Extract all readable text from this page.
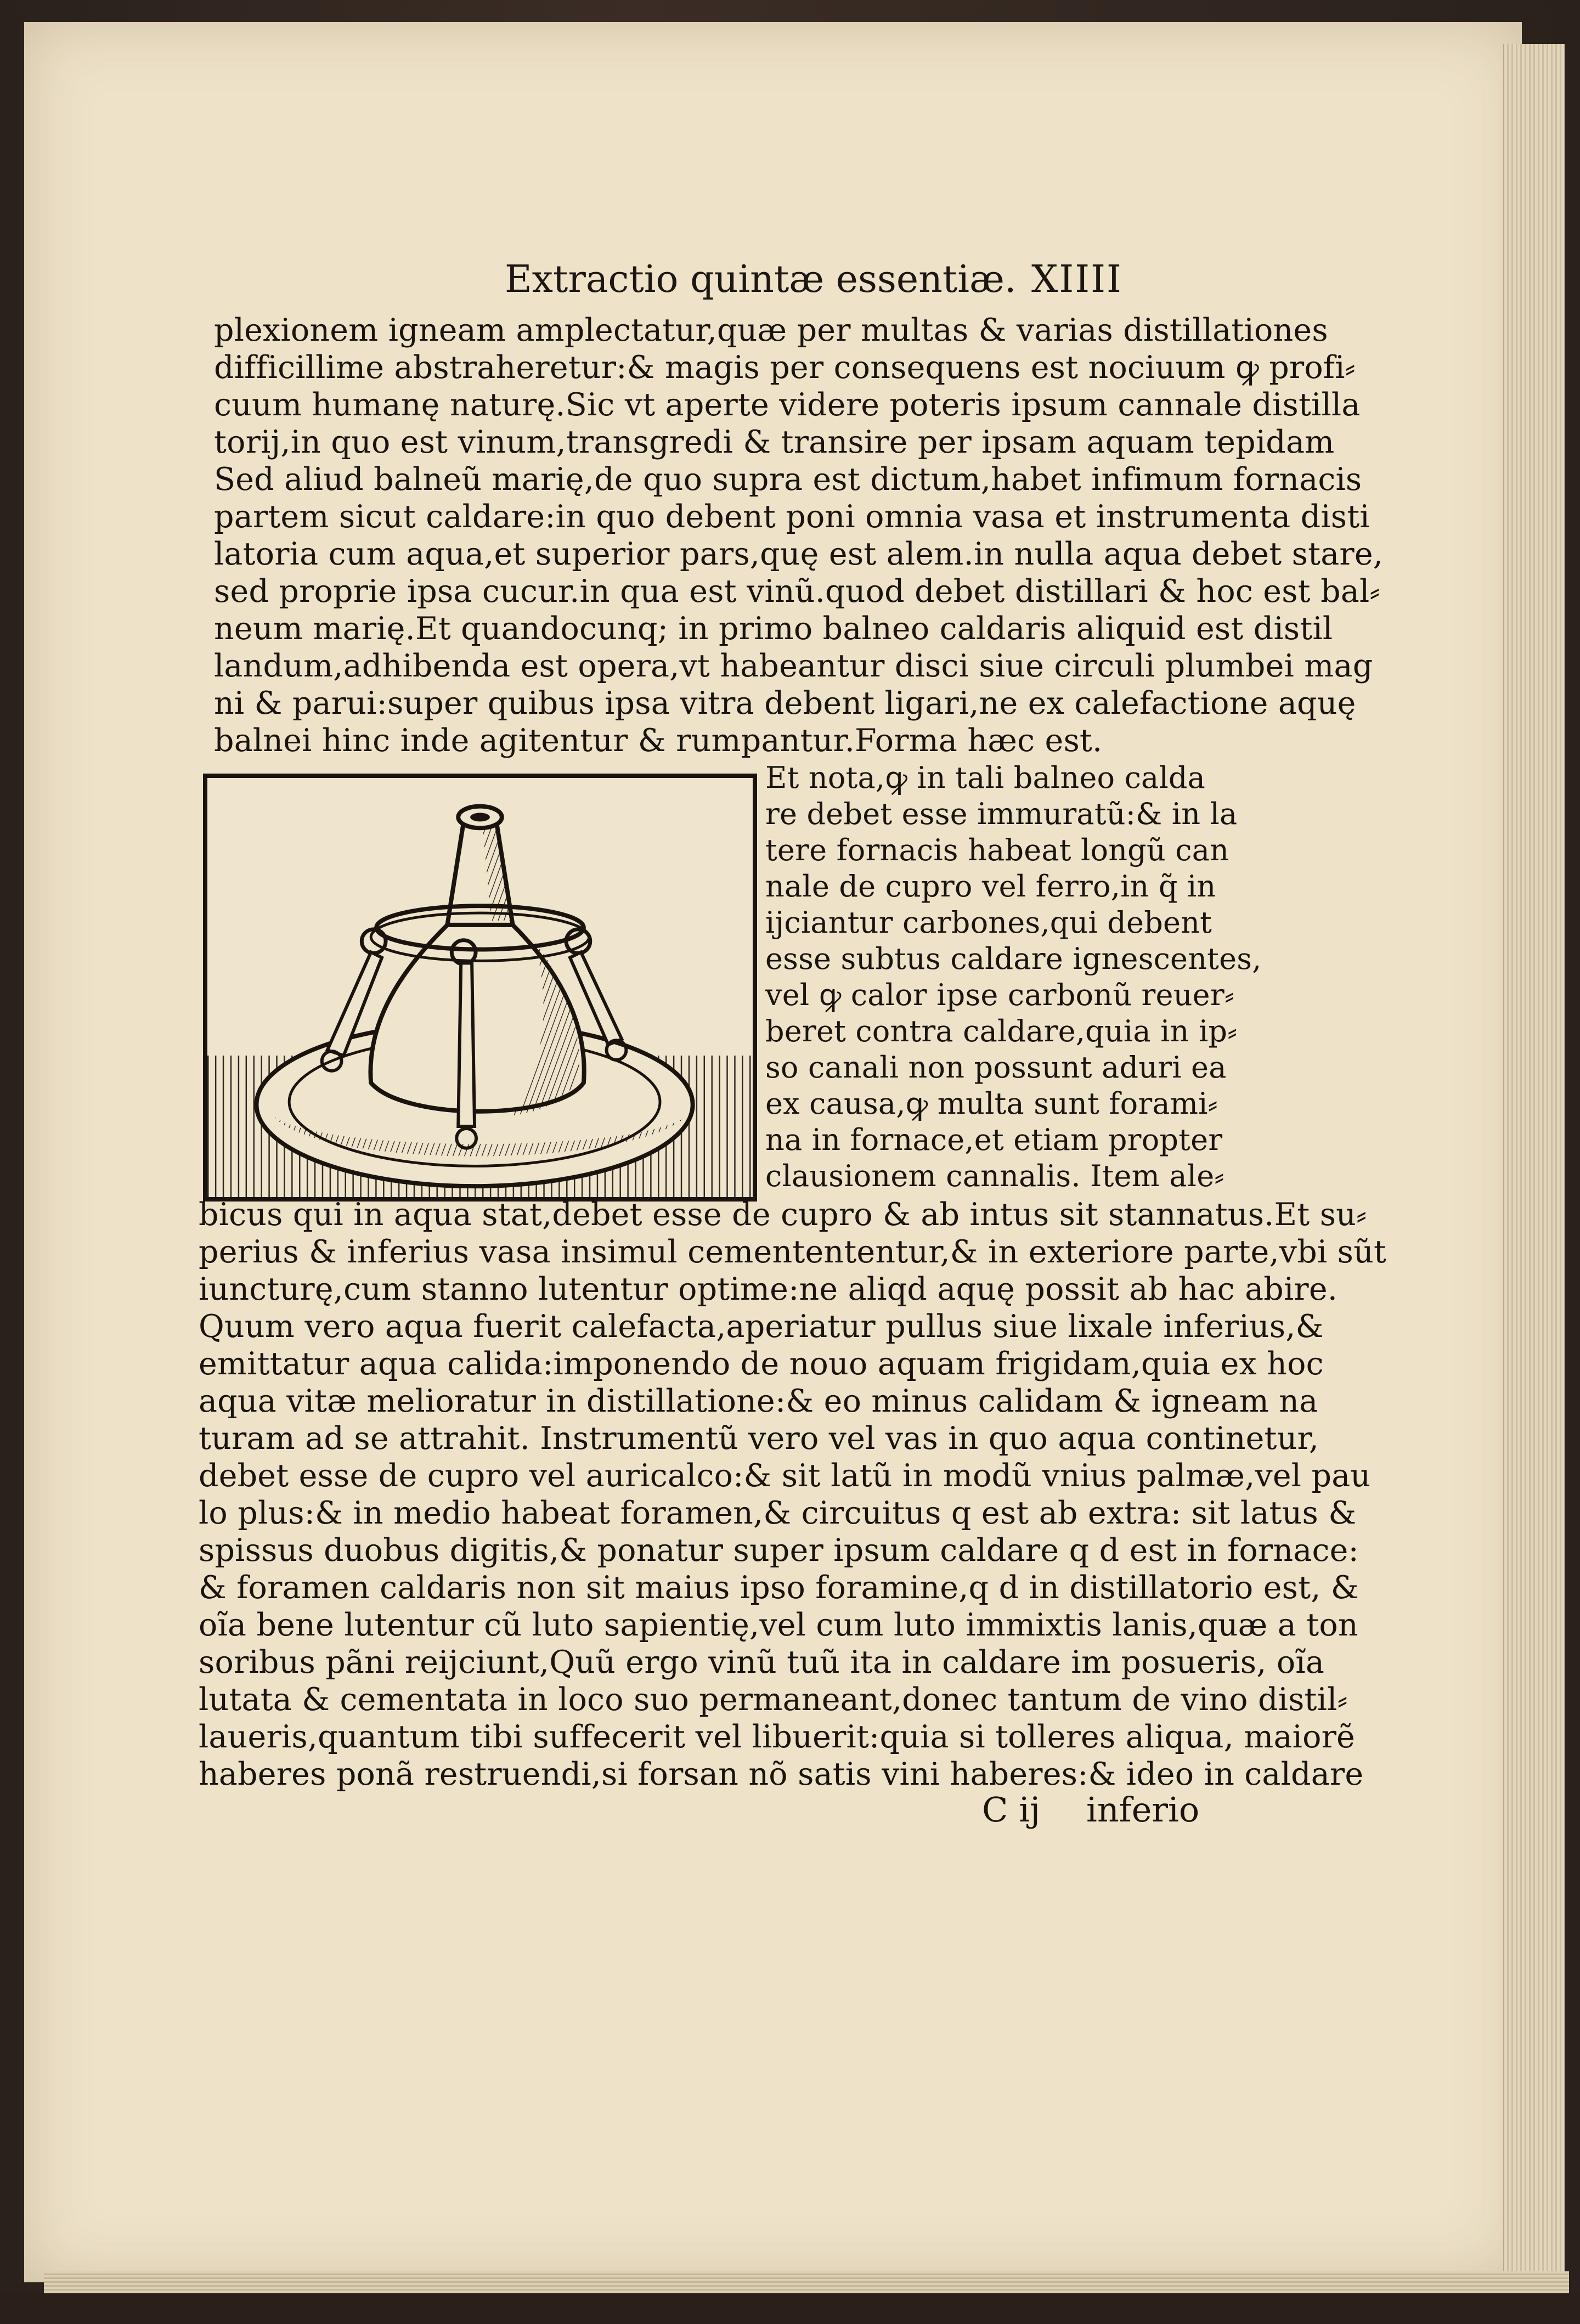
Extractio quintæ essentiæ. XIIII
plexionem igneam amplectatur,quæ per multas & varias distillationes
difficillime abstraheretur:& magis per consequens est nociuum ꝙ profi⸗
cuum humanę naturę.Sic vt aperte videre poteris ipsum cannale distilla
torij,in quo est vinum,transgredi & transire per ipsam aquam tepidam
Sed aliud balneũ marię,de quo supra est dictum,habet infimum fornacis
partem sicut caldare:in quo debent poni omnia vasa et instrumenta disti
latoria cum aqua,et superior pars,quę est alem.in nulla aqua debet stare,
sed proprie ipsa cucur.in qua est vinũ.quod debet distillari & hoc est bal⸗
neum marię.Et quandocunq; in primo balneo caldaris aliquid est distil
landum,adhibenda est opera,vt habeantur disci siue circuli plumbei mag
ni & parui:super quibus ipsa vitra debent ligari,ne ex calefactione aquę
balnei hinc inde agitentur & rumpantur.Forma hæc est.
Et nota,ꝙ in tali balneo calda
re debet esse immuratũ:& in la
tere fornacis habeat longũ can
nale de cupro vel ferro,in q̃ in
ijciantur carbones,qui debent
esse subtus caldare ignescentes,
vel ꝙ calor ipse carbonũ reuer⸗
beret contra caldare,quia in ip⸗
so canali non possunt aduri ea
ex causa,ꝙ multa sunt forami⸗
na in fornace,et etiam propter
clausionem cannalis. Item ale⸗
bicus qui in aqua stat,debet esse de cupro & ab intus sit stannatus.Et su⸗
perius & inferius vasa insimul cementententur,& in exteriore parte,vbi sũt
iuncturę,cum stanno lutentur optime:ne aliqd aquę possit ab hac abire.
Quum vero aqua fuerit calefacta,aperiatur pullus siue lixale inferius,&
emittatur aqua calida:imponendo de nouo aquam frigidam,quia ex hoc
aqua vitæ melioratur in distillatione:& eo minus calidam & igneam na
turam ad se attrahit. Instrumentũ vero vel vas in quo aqua continetur,
debet esse de cupro vel auricalco:& sit latũ in modũ vnius palmæ,vel pau
lo plus:& in medio habeat foramen,& circuitus q est ab extra: sit latus &
spissus duobus digitis,& ponatur super ipsum caldare q d est in fornace:
& foramen caldaris non sit maius ipso foramine,q d in distillatorio est, &
oĩa bene lutentur cũ luto sapientię,vel cum luto immixtis lanis,quæ a ton
soribus pãni reijciunt,Quũ ergo vinũ tuũ ita in caldare im posueris, oĩa
lutata & cementata in loco suo permaneant,donec tantum de vino distil⸗
laueris,quantum tibi suffecerit vel libuerit:quia si tolleres aliqua, maiorẽ
haberes ponã restruendi,si forsan nõ satis vini haberes:& ideo in caldare
C ij inferio
